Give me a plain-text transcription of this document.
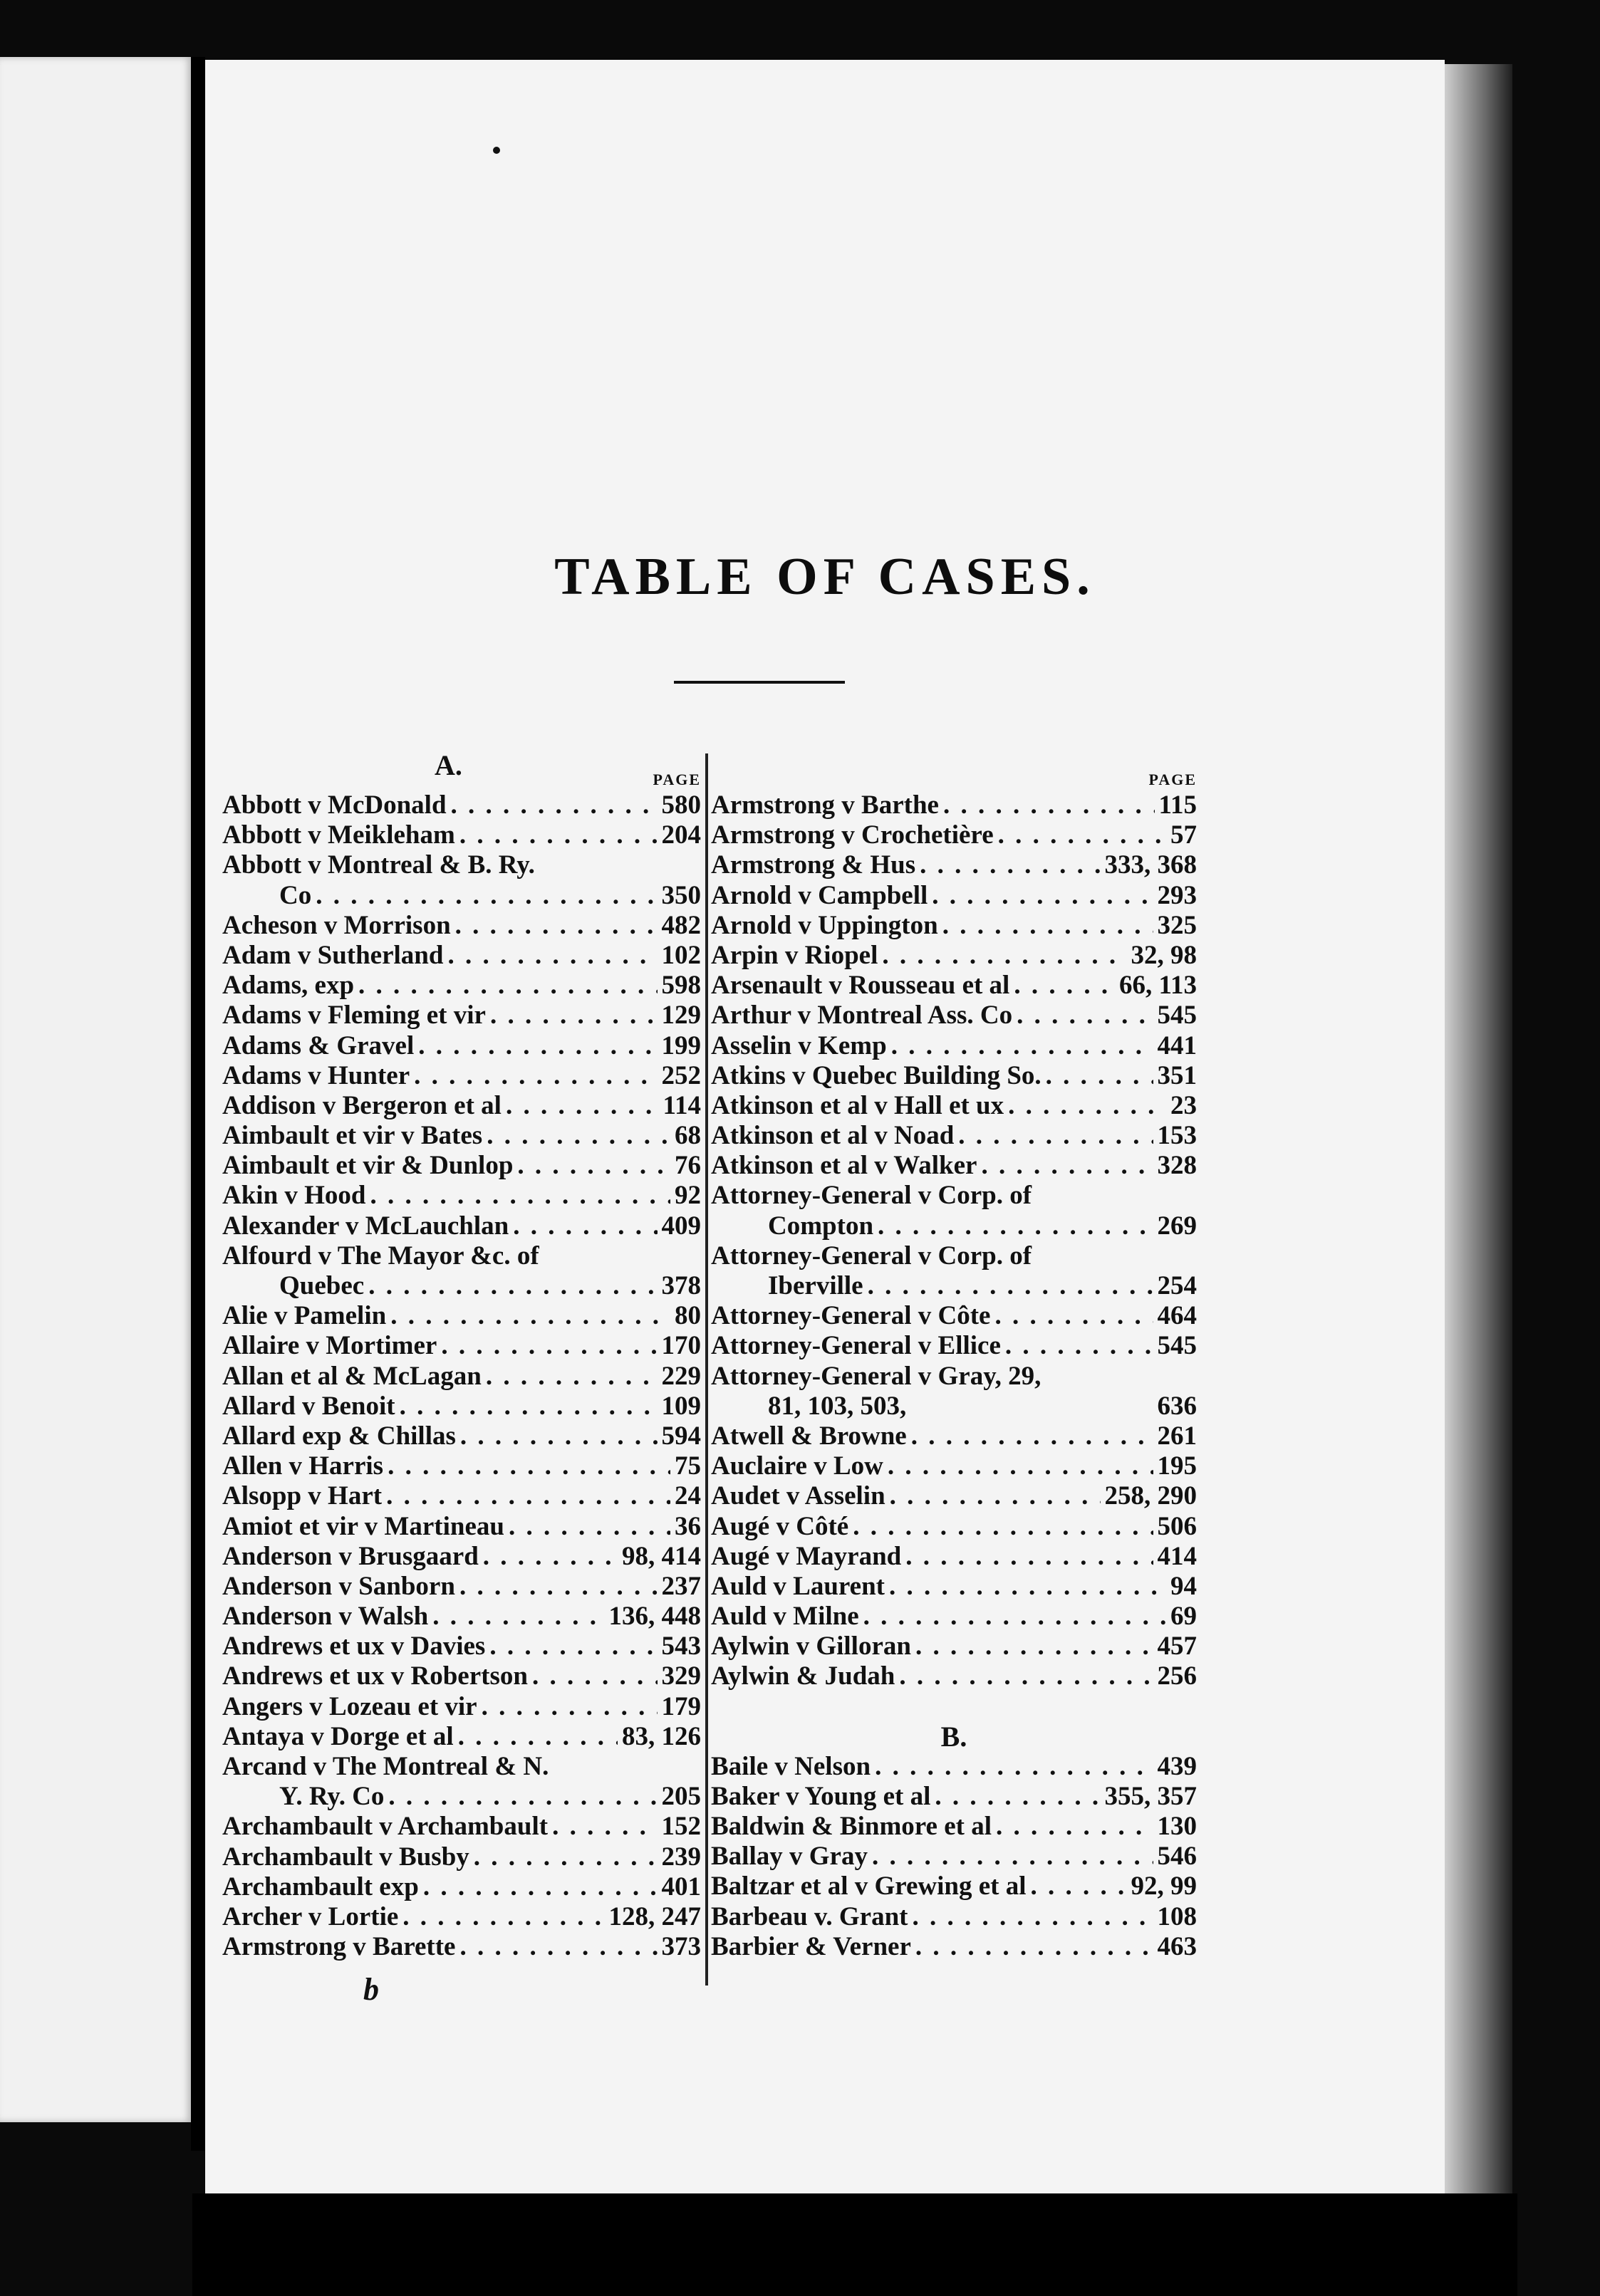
TABLE OF CASES.
A.	PAGE
Abbott v McDonald . . .	580
Abbott v Meikleham . . .	204
Abbott v Montreal & B. Ry.
Co . . .	350
Acheson v Morrison . . .	482
Adam v Sutherland . . .	102
Adams, exp . . .	598
Adams v Fleming et vir . . .	129
Adams & Gravel . . .	199
Adams v Hunter . . .	252
Addison v Bergeron et al . . .	114
Aimbault et vir v Bates . . .	68
Aimbault et vir & Dunlop . . .	76
Akin v Hood . . .	92
Alexander v McLauchlan . . .	409
Alfourd v The Mayor &c. of
Quebec . . .	378
Alie v Pamelin . . .	80
Allaire v Mortimer . . .	170
Allan et al & McLagan . . .	229
Allard v Benoit . . .	109
Allard exp & Chillas . . .	594
Allen v Harris . . .	75
Alsopp v Hart . . .	24
Amiot et vir v Martineau . . .	36
Anderson v Brusgaard . . .	98, 414
Anderson v Sanborn . . .	237
Anderson v Walsh . . .	136, 448
Andrews et ux v Davies . . .	543
Andrews et ux v Robertson . . .	329
Angers v Lozeau et vir . . .	179
Antaya v Dorge et al . . .	83, 126
Arcand v The Montreal & N.
Y. Ry. Co . . .	205
Archambault v Archambault . . .	152
Archambault v Busby . . .	239
Archambault exp . . .	401
Archer v Lortie . . .	128, 247
Armstrong v Barette . . .	373
PAGE
Armstrong v Barthe . . .	115
Armstrong v Crochetière . . .	57
Armstrong & Hus . . .	333, 368
Arnold v Campbell . . .	293
Arnold v Uppington . . .	325
Arpin v Riopel . . .	32, 98
Arsenault v Rousseau et al . . .	66, 113
Arthur v Montreal Ass. Co . . .	545
Asselin v Kemp . . .	441
Atkins v Quebec Building So. . . .	351
Atkinson et al v Hall et ux . . .	23
Atkinson et al v Noad . . .	153
Atkinson et al v Walker . . .	328
Attorney-General v Corp. of
Compton . . .	269
Attorney-General v Corp. of
Iberville . . .	254
Attorney-General v Côte . . .	464
Attorney-General v Ellice . . .	545
Attorney-General v Gray, 29,
81, 103, 503,	636
Atwell & Browne . . .	261
Auclaire v Low . . .	195
Audet v Asselin . . .	258, 290
Augé v Côté . . .	506
Augé v Mayrand . . .	414
Auld v Laurent . . .	94
Auld v Milne . . .	69
Aylwin v Gilloran . . .	457
Aylwin & Judah . . .	256
B.
Baile v Nelson . . .	439
Baker v Young et al . . .	355, 357
Baldwin & Binmore et al . . .	130
Ballay v Gray . . .	546
Baltzar et al v Grewing et al . . .	92, 99
Barbeau v. Grant . . .	108
Barbier & Verner . . .	463
b
